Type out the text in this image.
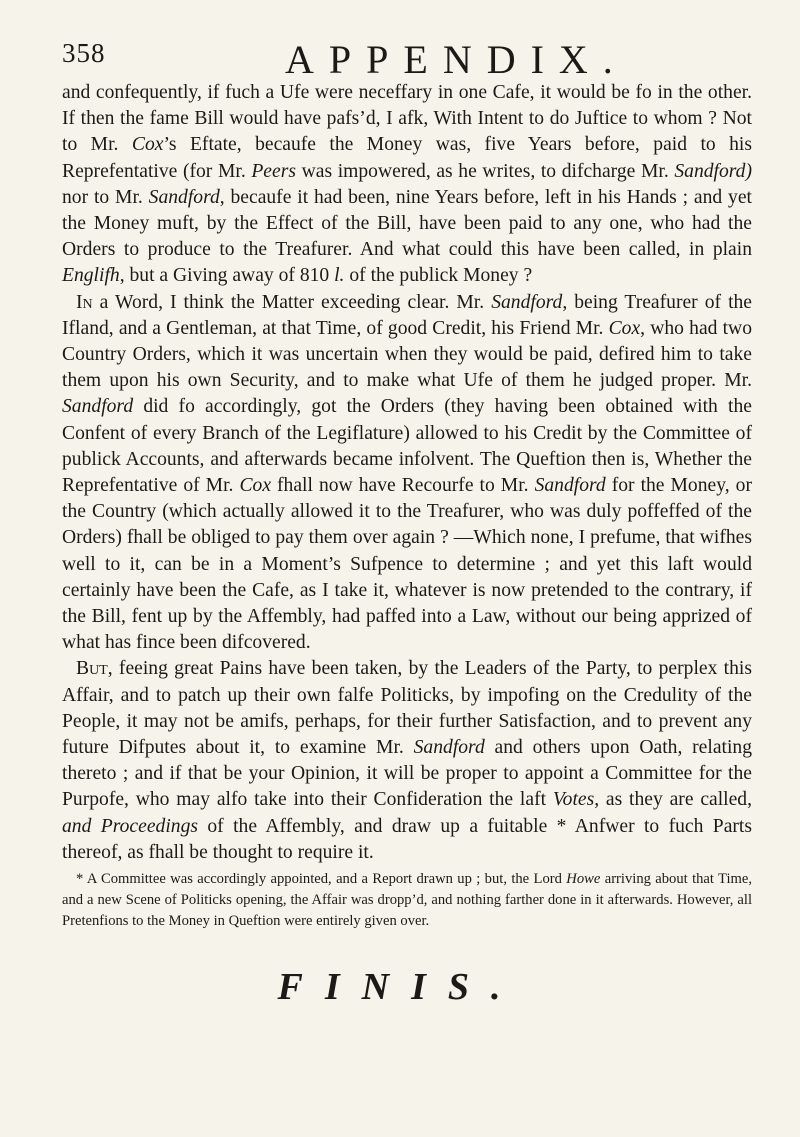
358	APPENDIX.

and confequently, if fuch a Ufe were neceffary in one Cafe, it would be fo in the other. If then the fame Bill would have pafs’d, I afk, With Intent to do Juftice to whom ? Not to Mr. Cox’s Eftate, becaufe the Money was, five Years before, paid to his Reprefentative (for Mr. Peers was impowered, as he writes, to difcharge Mr. Sandford) nor to Mr. Sandford, becaufe it had been, nine Years before, left in his Hands ; and yet the Money muft, by the Effect of the Bill, have been paid to any one, who had the Orders to produce to the Treafurer. And what could this have been called, in plain Englifh, but a Giving away of 810 l. of the publick Money ?

In a Word, I think the Matter exceeding clear. Mr. Sandford, being Treafurer of the Ifland, and a Gentleman, at that Time, of good Credit, his Friend Mr. Cox, who had two Country Orders, which it was uncertain when they would be paid, defired him to take them upon his own Security, and to make what Ufe of them he judged proper. Mr. Sandford did fo accordingly, got the Orders (they having been obtained with the Confent of every Branch of the Legiflature) allowed to his Credit by the Committee of publick Accounts, and afterwards became infolvent. The Queftion then is, Whether the Reprefentative of Mr. Cox fhall now have Recourfe to Mr. Sandford for the Money, or the Country (which actually allowed it to the Treafurer, who was duly poffeffed of the Orders) fhall be obliged to pay them over again ? —Which none, I prefume, that wifhes well to it, can be in a Moment’s Sufpence to determine ; and yet this laft would certainly have been the Cafe, as I take it, whatever is now pretended to the contrary, if the Bill, fent up by the Affembly, had paffed into a Law, without our being apprized of what has fince been difcovered.

But, feeing great Pains have been taken, by the Leaders of the Party, to perplex this Affair, and to patch up their own falfe Politicks, by impofing on the Credulity of the People, it may not be amifs, perhaps, for their further Satisfaction, and to prevent any future Difputes about it, to examine Mr. Sandford and others upon Oath, relating thereto ; and if that be your Opinion, it will be proper to appoint a Committee for the Purpofe, who may alfo take into their Confideration the laft Votes, as they are called, and Proceedings of the Affembly, and draw up a fuitable * Anfwer to fuch Parts thereof, as fhall be thought to require it.

* A Committee was accordingly appointed, and a Report drawn up ; but, the Lord Howe arriving about that Time, and a new Scene of Politicks opening, the Affair was dropp’d, and nothing farther done in it afterwards. However, all Pretenfions to the Money in Queftion were entirely given over.

FINIS.
